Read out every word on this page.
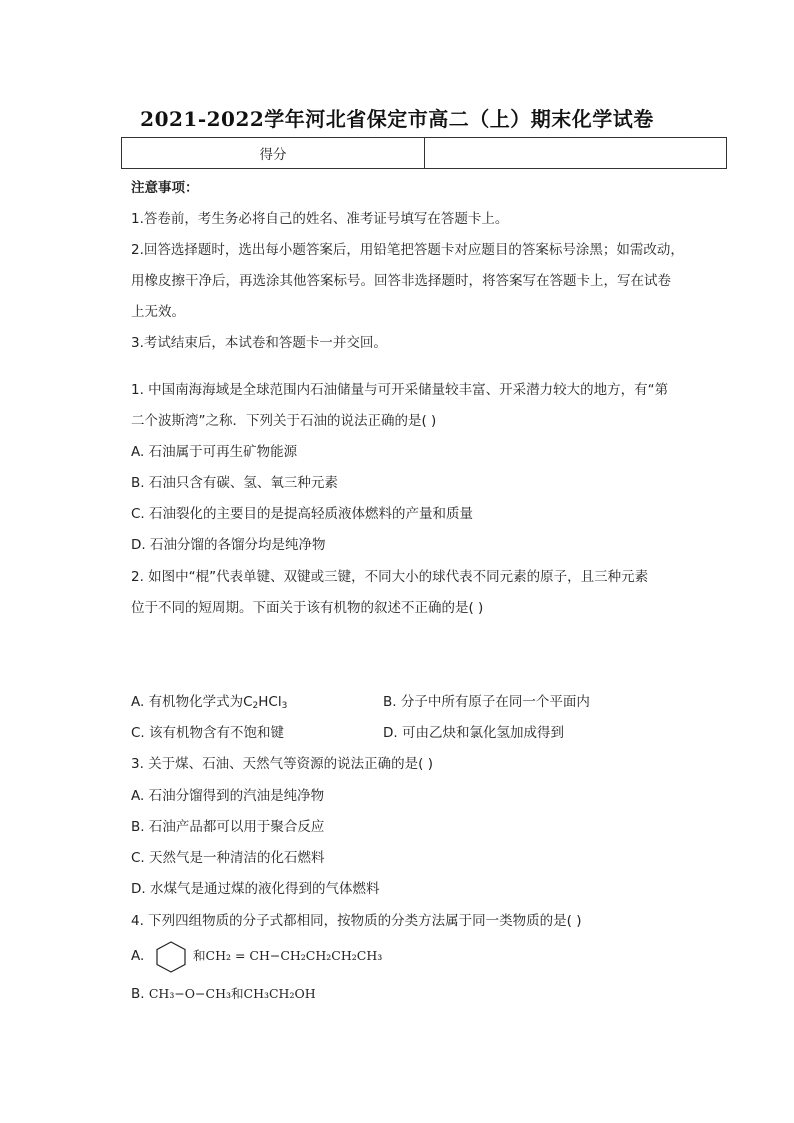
2021-2022学年河北省保定市高二（上）期末化学试卷
得分	
注意事项：
1.答卷前，考生务必将自己的姓名、准考证号填写在答题卡上。
2.回答选择题时，选出每小题答案后，用铅笔把答题卡对应题目的答案标号涂黑；如需改动，
用橡皮擦干净后，再选涂其他答案标号。回答非选择题时，将答案写在答题卡上，写在试卷
上无效。
3.考试结束后，本试卷和答题卡一并交回。
1. 中国南海海域是全球范围内石油储量与可开采储量较丰富、开采潜力较大的地方，有“第
二个波斯湾”之称．下列关于石油的说法正确的是( )
A. 石油属于可再生矿物能源
B. 石油只含有碳、氢、氧三种元素
C. 石油裂化的主要目的是提高轻质液体燃料的产量和质量
D. 石油分馏的各馏分均是纯净物
2. 如图中“棍”代表单键、双键或三键，不同大小的球代表不同元素的原子，且三种元素
位于不同的短周期。下面关于该有机物的叙述不正确的是( )
A. 有机物化学式为$C_2HCl_3$	B. 分子中所有原子在同一个平面内
C. 该有机物含有不饱和键	D. 可由乙炔和氯化氢加成得到
3. 关于煤、石油、天然气等资源的说法正确的是( )
A. 石油分馏得到的汽油是纯净物
B. 石油产品都可以用于聚合反应
C. 天然气是一种清洁的化石燃料
D. 水煤气是通过煤的液化得到的气体燃料
4. 下列四组物质的分子式都相同，按物质的分类方法属于同一类物质的是( )
A.	和CH₂ = CH−CH₂CH₂CH₂CH₃
B. CH₃−O−CH₃和CH₃CH₂OH
